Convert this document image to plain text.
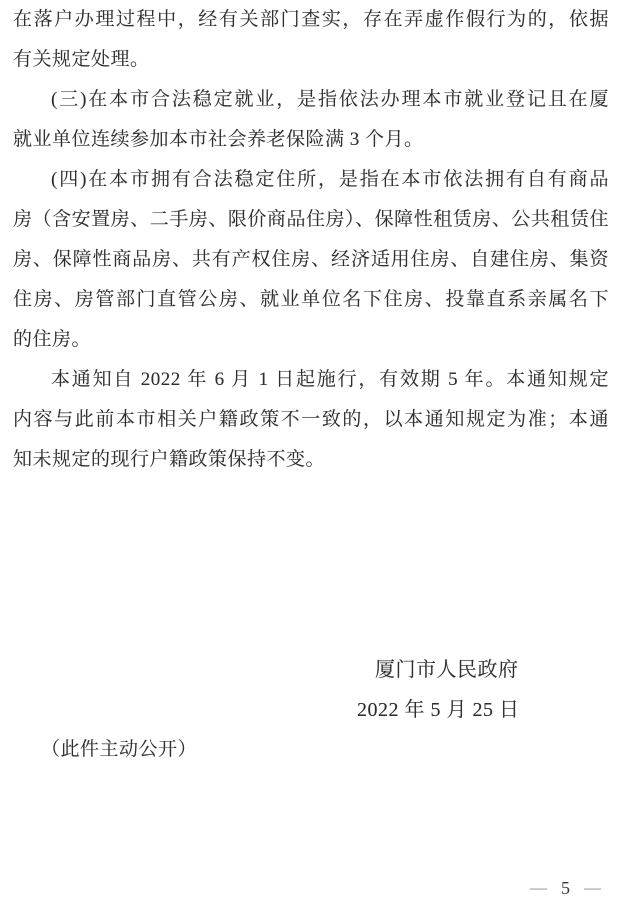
在落户办理过程中，经有关部门查实，存在弄虚作假行为的，依据
有关规定处理。
(三)在本市合法稳定就业，是指依法办理本市就业登记且在厦
就业单位连续参加本市社会养老保险满 3 个月。
(四)在本市拥有合法稳定住所，是指在本市依法拥有自有商品
房（含安置房、二手房、限价商品住房）、保障性租赁房、公共租赁住
房、保障性商品房、共有产权住房、经济适用住房、自建住房、集资
住房、房管部门直管公房、就业单位名下住房、投靠直系亲属名下
的住房。
本通知自 2022 年 6 月 1 日起施行，有效期 5 年。本通知规定
内容与此前本市相关户籍政策不一致的，以本通知规定为准；本通
知未规定的现行户籍政策保持不变。
厦门市人民政府
2022 年 5 月 25 日
（此件主动公开）
— 5 —
